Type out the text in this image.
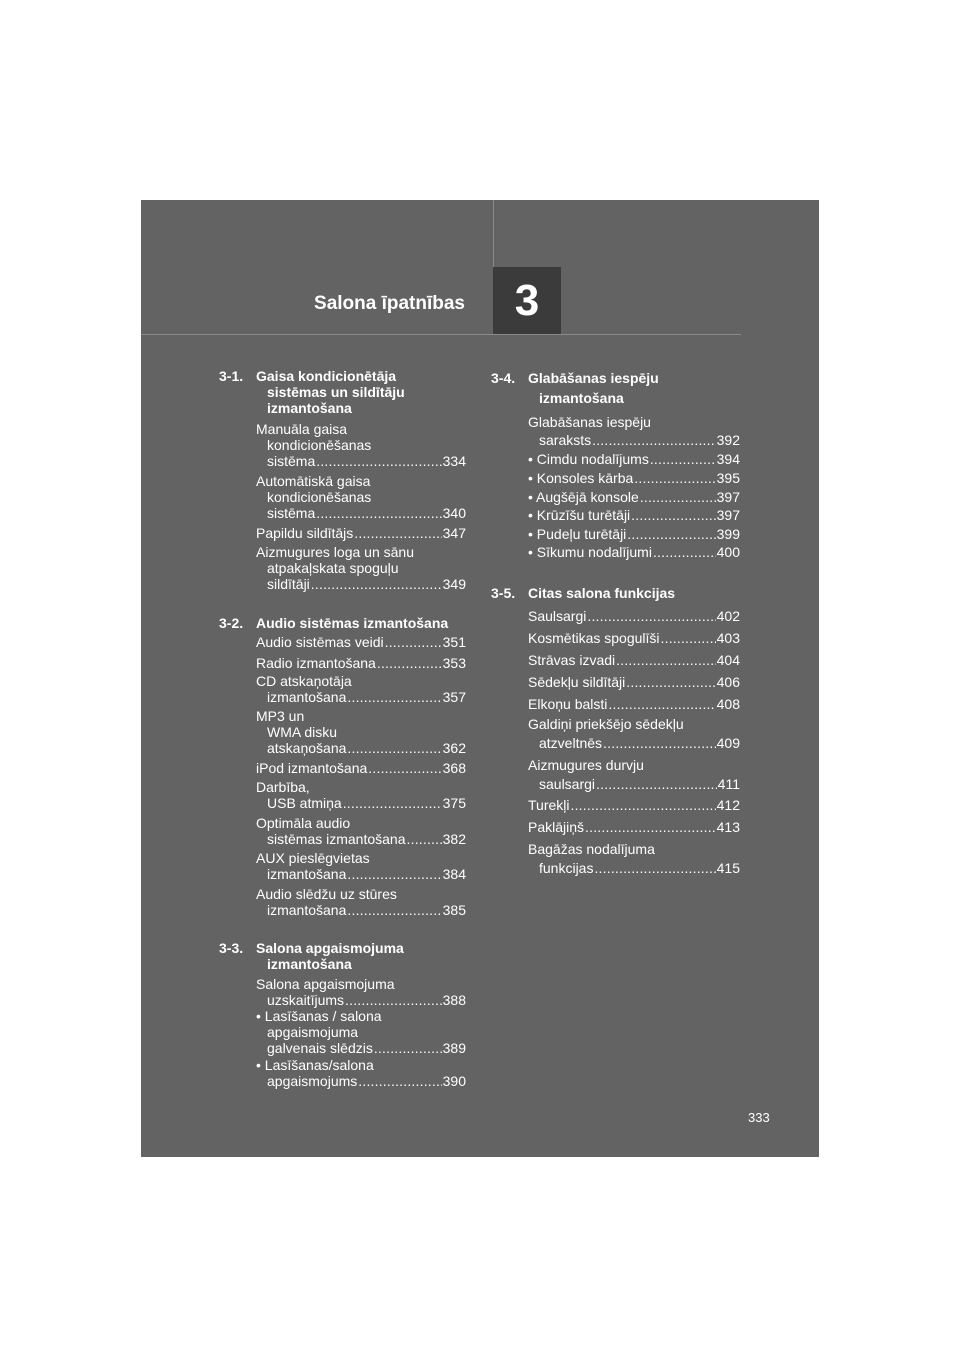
Salona īpatnības 3
3-1. Gaisa kondicionētāja
sistēmas un sildītāju
izmantošana
Manuāla gaisa
kondicionēšanas
sistēma .....	334
Automātiskā gaisa
kondicionēšanas
sistēma .....	340
Papildu sildītājs .....	347
Aizmugures loga un sānu
atpakaļskata spoguļu
sildītāji .....	349
3-2. Audio sistēmas izmantošana
Audio sistēmas veidi .....	351
Radio izmantošana .....	353
CD atskaņotāja
izmantošana .....	357
MP3 un
WMA disku
atskaņošana .....	362
iPod izmantošana .....	368
Darbība,
USB atmiņa .....	375
Optimāla audio
sistēmas izmantošana .....	382
AUX pieslēgvietas
izmantošana .....	384
Audio slēdžu uz stūres
izmantošana .....	385
3-3. Salona apgaismojuma
izmantošana
Salona apgaismojuma
uzskaitījums .....	388
• Lasīšanas / salona
apgaismojuma
galvenais slēdzis .....	389
• Lasīšanas/salona
apgaismojums .....	390
3-4. Glabāšanas iespēju
izmantošana
Glabāšanas iespēju
saraksts .....	392
• Cimdu nodalījums .....	394
• Konsoles kārba .....	395
• Augšējā konsole .....	397
• Krūzīšu turētāji .....	397
• Pudeļu turētāji .....	399
• Sīkumu nodalījumi .....	400
3-5. Citas salona funkcijas
Saulsargi .....	402
Kosmētikas spogulīši .....	403
Strāvas izvadi .....	404
Sēdekļu sildītāji .....	406
Elkoņu balsti .....	408
Galdiņi priekšējo sēdekļu
atzveltnēs .....	409
Aizmugures durvju
saulsargi .....	411
Turekļi .....	412
Paklājiņš .....	413
Bagāžas nodalījuma
funkcijas .....	415
333
